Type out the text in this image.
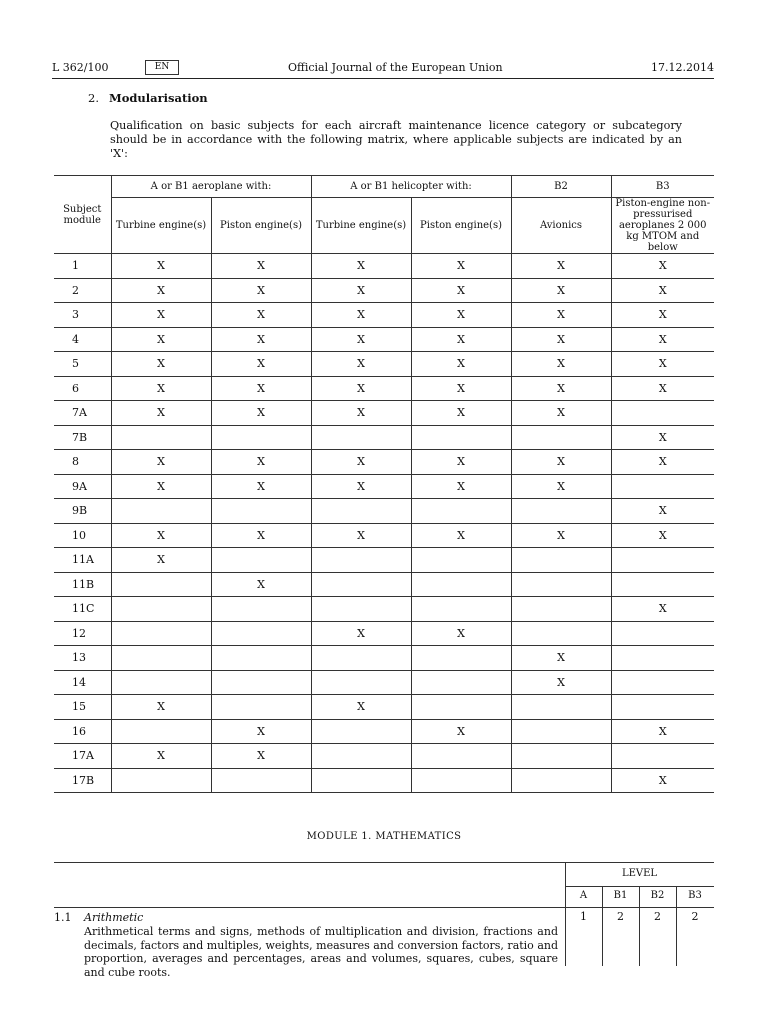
L 362/100	EN	Official Journal of the European Union	17.12.2014
2. Modularisation
Qualification on basic subjects for each aircraft maintenance licence category or subcategory should be in accordance with the following matrix, where applicable subjects are indicated by an 'X':
Subject module	A or B1 aeroplane with:		A or B1 helicopter with:		B2	B3
	Turbine engine(s)	Piston engine(s)	Turbine engine(s)	Piston engine(s)	Avionics	Piston-engine non-pressurised aeroplanes 2 000 kg MTOM and below
1	X	X	X	X	X	X
2	X	X	X	X	X	X
3	X	X	X	X	X	X
4	X	X	X	X	X	X
5	X	X	X	X	X	X
6	X	X	X	X	X	X
7A	X	X	X	X	X	
7B						X
8	X	X	X	X	X	X
9A	X	X	X	X	X	
9B						X
10	X	X	X	X	X	X
11A	X					
11B		X				
11C						X
12			X	X		
13					X	
14					X	
15	X		X			
16		X		X		X
17A	X	X				
17B						X
MODULE 1. MATHEMATICS
LEVEL
A	B1	B2	B3
1	2	2	2
1.1 Arithmetic
Arithmetical terms and signs, methods of multiplication and division, fractions and decimals, factors and multiples, weights, measures and conversion factors, ratio and proportion, averages and percentages, areas and volumes, squares, cubes, square and cube roots.
